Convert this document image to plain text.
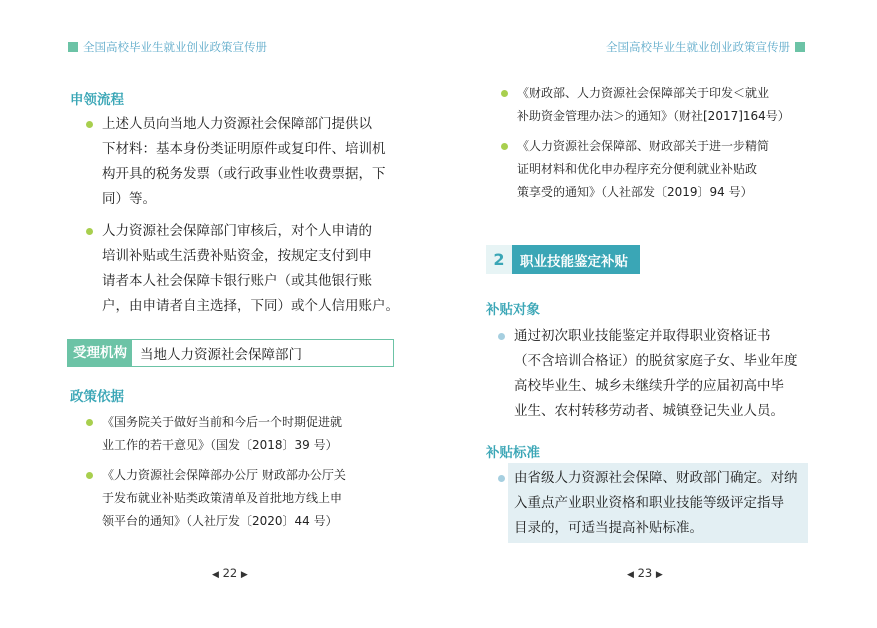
全国高校毕业生就业创业政策宣传册
申领流程
上述人员向当地人力资源社会保障部门提供以
下材料：基本身份类证明原件或复印件、培训机
构开具的税务发票（或行政事业性收费票据，下
同）等。
人力资源社会保障部门审核后，对个人申请的
培训补贴或生活费补贴资金，按规定支付到申
请者本人社会保障卡银行账户（或其他银行账
户，由申请者自主选择，下同）或个人信用账户。
受理机构 当地人力资源社会保障部门
政策依据
《国务院关于做好当前和今后一个时期促进就
业工作的若干意见》（国发〔2018〕39 号）
《人力资源社会保障部办公厅 财政部办公厅关
于发布就业补贴类政策清单及首批地方线上申
领平台的通知》（人社厅发〔2020〕44 号）
◀ 22 ▶
全国高校毕业生就业创业政策宣传册
《财政部、人力资源社会保障部关于印发＜就业
补助资金管理办法＞的通知》（财社[2017]164号）
《人力资源社会保障部、财政部关于进一步精简
证明材料和优化申办程序充分便利就业补贴政
策享受的通知》（人社部发〔2019〕94 号）
2	职业技能鉴定补贴
补贴对象
通过初次职业技能鉴定并取得职业资格证书
（不含培训合格证）的脱贫家庭子女、毕业年度
高校毕业生、城乡未继续升学的应届初高中毕
业生、农村转移劳动者、城镇登记失业人员。
补贴标准
由省级人力资源社会保障、财政部门确定。对纳
入重点产业职业资格和职业技能等级评定指导
目录的，可适当提高补贴标准。
◀ 23 ▶
